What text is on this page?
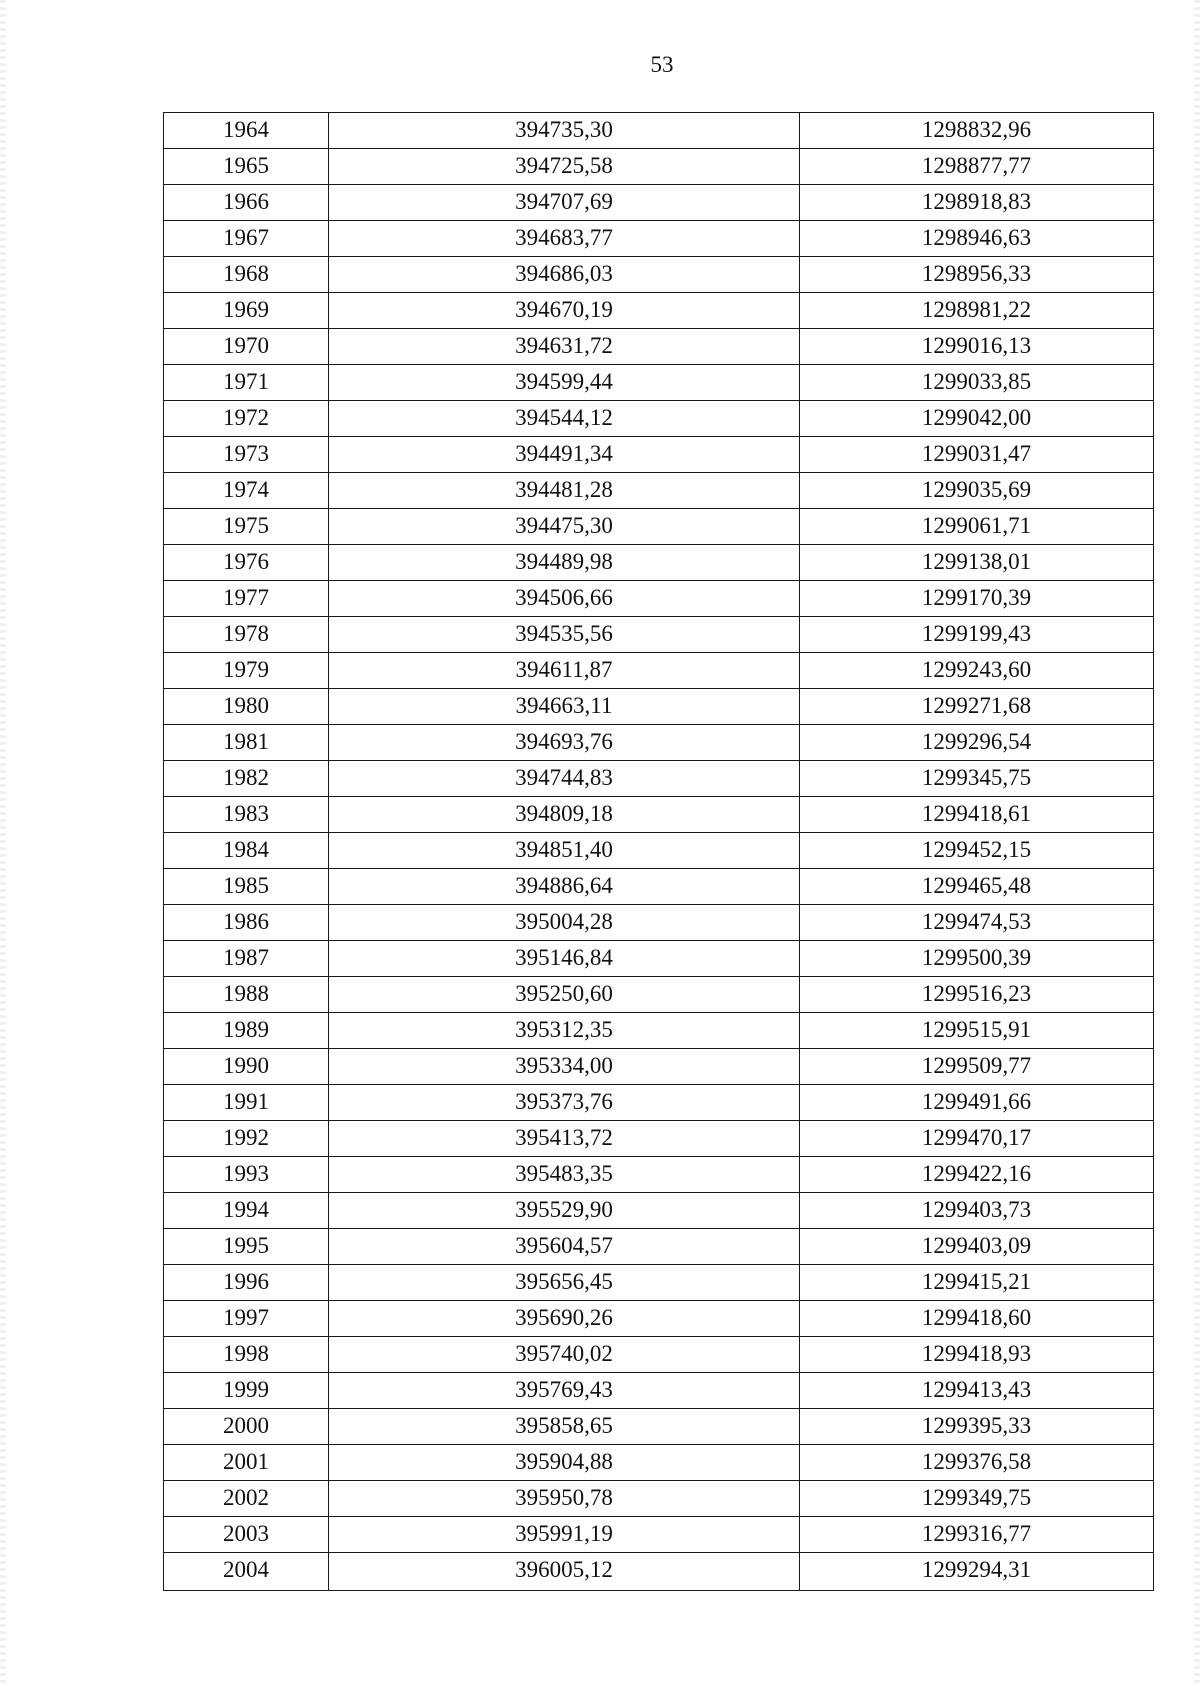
53
1964	394735,30	1298832,96
1965	394725,58	1298877,77
1966	394707,69	1298918,83
1967	394683,77	1298946,63
1968	394686,03	1298956,33
1969	394670,19	1298981,22
1970	394631,72	1299016,13
1971	394599,44	1299033,85
1972	394544,12	1299042,00
1973	394491,34	1299031,47
1974	394481,28	1299035,69
1975	394475,30	1299061,71
1976	394489,98	1299138,01
1977	394506,66	1299170,39
1978	394535,56	1299199,43
1979	394611,87	1299243,60
1980	394663,11	1299271,68
1981	394693,76	1299296,54
1982	394744,83	1299345,75
1983	394809,18	1299418,61
1984	394851,40	1299452,15
1985	394886,64	1299465,48
1986	395004,28	1299474,53
1987	395146,84	1299500,39
1988	395250,60	1299516,23
1989	395312,35	1299515,91
1990	395334,00	1299509,77
1991	395373,76	1299491,66
1992	395413,72	1299470,17
1993	395483,35	1299422,16
1994	395529,90	1299403,73
1995	395604,57	1299403,09
1996	395656,45	1299415,21
1997	395690,26	1299418,60
1998	395740,02	1299418,93
1999	395769,43	1299413,43
2000	395858,65	1299395,33
2001	395904,88	1299376,58
2002	395950,78	1299349,75
2003	395991,19	1299316,77
2004	396005,12	1299294,31
